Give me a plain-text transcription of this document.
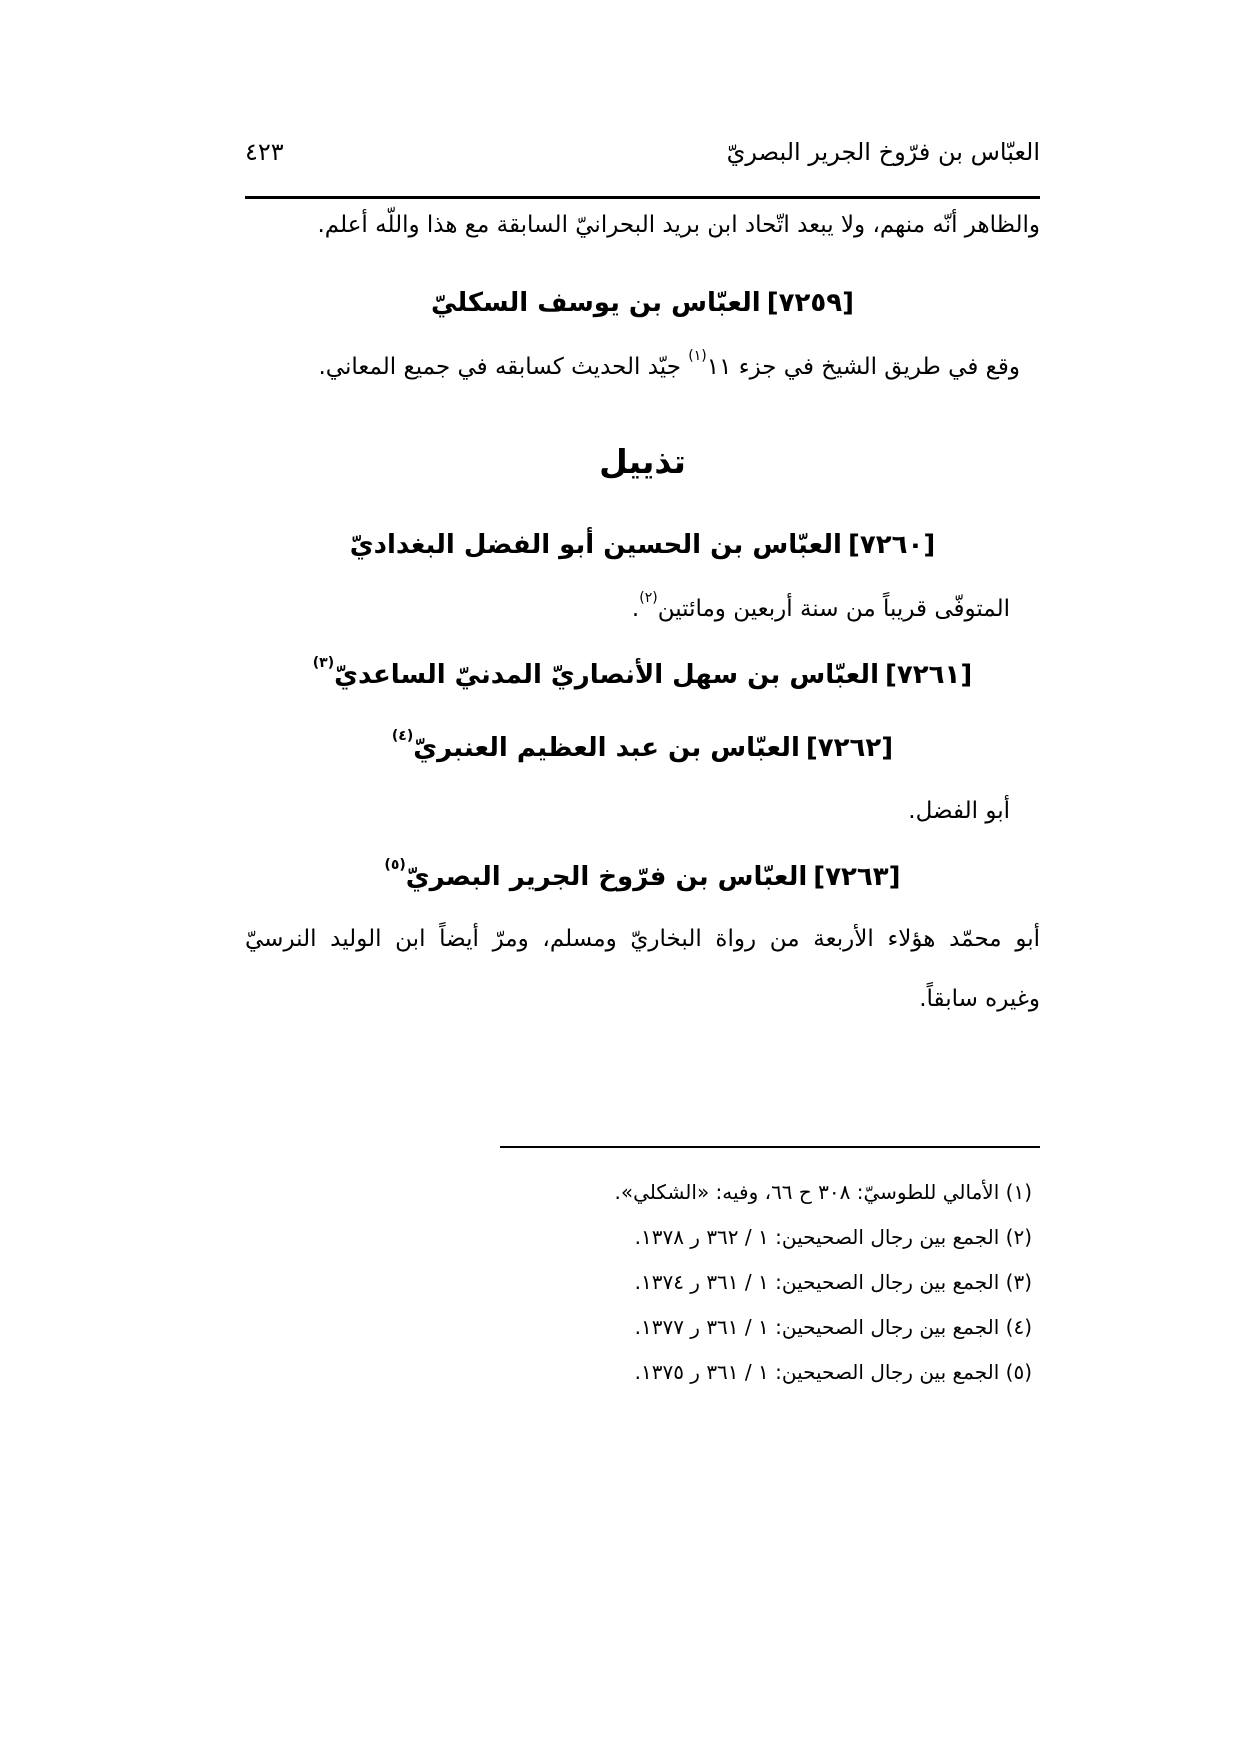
٤٢٣	العبّاس بن فرّوخ الجرير البصريّ
والظاهر أنّه منهم، ولا يبعد اتّحاد ابن بريد البحرانيّ السابقة مع هذا واللّه أعلم.
[٧٢٥٩]العبّاس بن يوسف السكليّ
وقع في طريق الشيخ في جزء ١١$^{(١)}$ جيّد الحديث كسابقه في جميع المعاني.
تذييل
[٧٢٦٠]العبّاس بن الحسين أبو الفضل البغداديّ
المتوفّى قريباً من سنة أربعين ومائتين$^{(٢)}$.
[٧٢٦١]العبّاس بن سهل الأنصاريّ المدنيّ الساعديّ$^{(٣)}$
[٧٢٦٢]العبّاس بن عبد العظيم العنبريّ$^{(٤)}$
أبو الفضل.
[٧٢٦٣]العبّاس بن فرّوخ الجرير البصريّ$^{(٥)}$
أبو محمّد هؤلاء الأربعة من رواة البخاريّ ومسلم، ومرّ أيضاً ابن الوليد النرسيّ
وغيره سابقاً.
(١) الأمالي للطوسيّ: ٣٠٨ ح ٦٦، وفيه: «الشكلي».
(٢) الجمع بين رجال الصحيحين: ١ / ٣٦٢ ر ١٣٧٨.
(٣) الجمع بين رجال الصحيحين: ١ / ٣٦١ ر ١٣٧٤.
(٤) الجمع بين رجال الصحيحين: ١ / ٣٦١ ر ١٣٧٧.
(٥) الجمع بين رجال الصحيحين: ١ / ٣٦١ ر ١٣٧٥.
